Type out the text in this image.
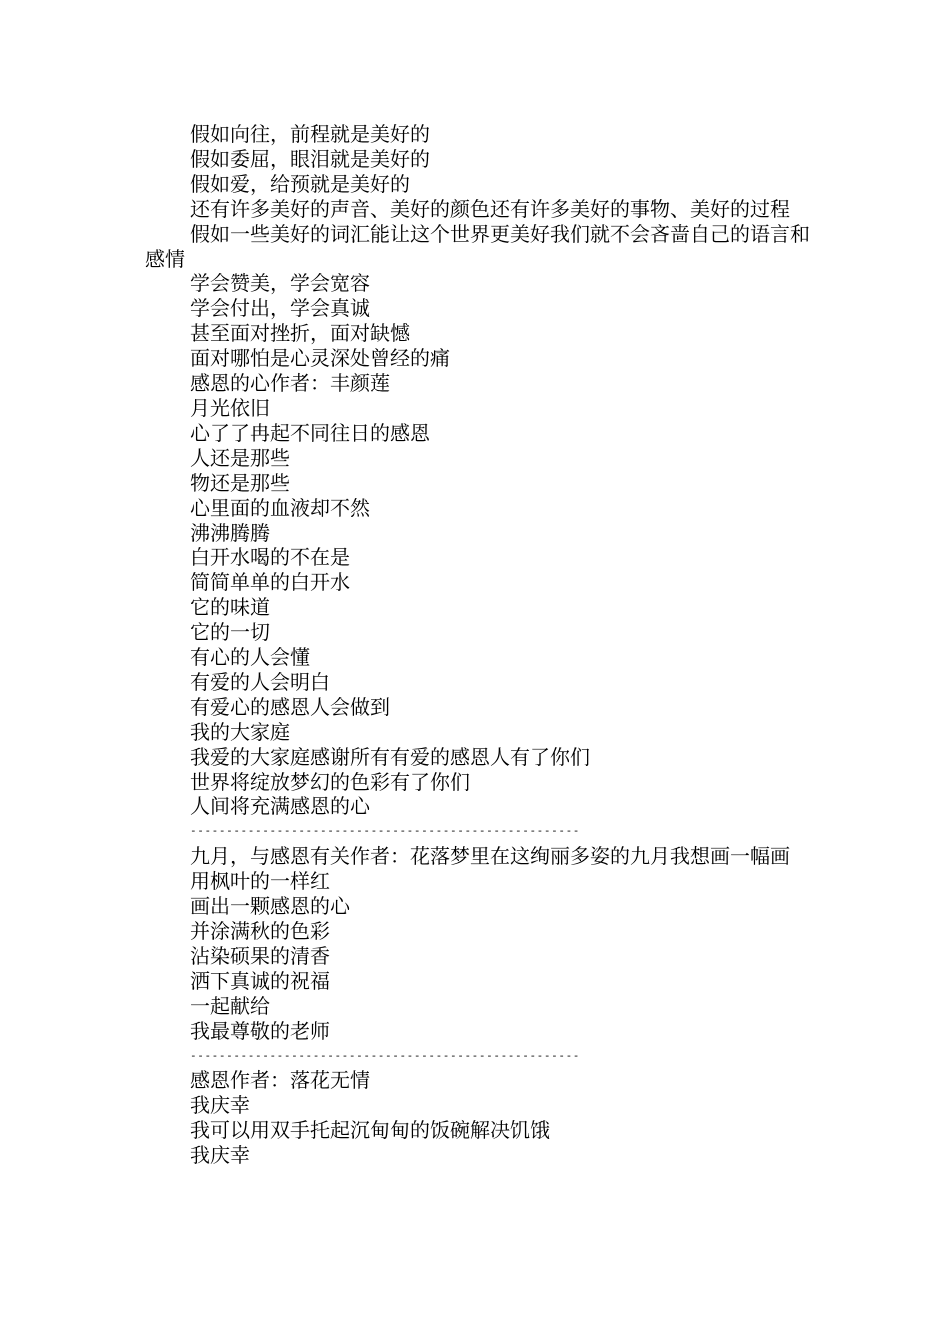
假如向往，前程就是美好的

假如委屈，眼泪就是美好的

假如爱，给预就是美好的

还有许多美好的声音、美好的颜色还有许多美好的事物、美好的过程

假如一些美好的词汇能让这个世界更美好我们就不会吝啬自己的语言和感情

学会赞美，学会宽容

学会付出，学会真诚

甚至面对挫折，面对缺憾

面对哪怕是心灵深处曾经的痛

感恩的心作者：丰颜莲

月光依旧

心了了冉起不同往日的感恩

人还是那些

物还是那些

心里面的血液却不然

沸沸腾腾

白开水喝的不在是

简简单单的白开水

它的味道

它的一切

有心的人会懂

有爱的人会明白

有爱心的感恩人会做到

我的大家庭

我爱的大家庭感谢所有有爱的感恩人有了你们

世界将绽放梦幻的色彩有了你们

人间将充满感恩的心

------------------------------------------------------

九月，与感恩有关作者：花落梦里在这绚丽多姿的九月我想画一幅画

用枫叶的一样红

画出一颗感恩的心

并涂满秋的色彩

沾染硕果的清香

洒下真诚的祝福

一起献给

我最尊敬的老师

------------------------------------------------------

感恩作者：落花无情

我庆幸

我可以用双手托起沉甸甸的饭碗解决饥饿

我庆幸
